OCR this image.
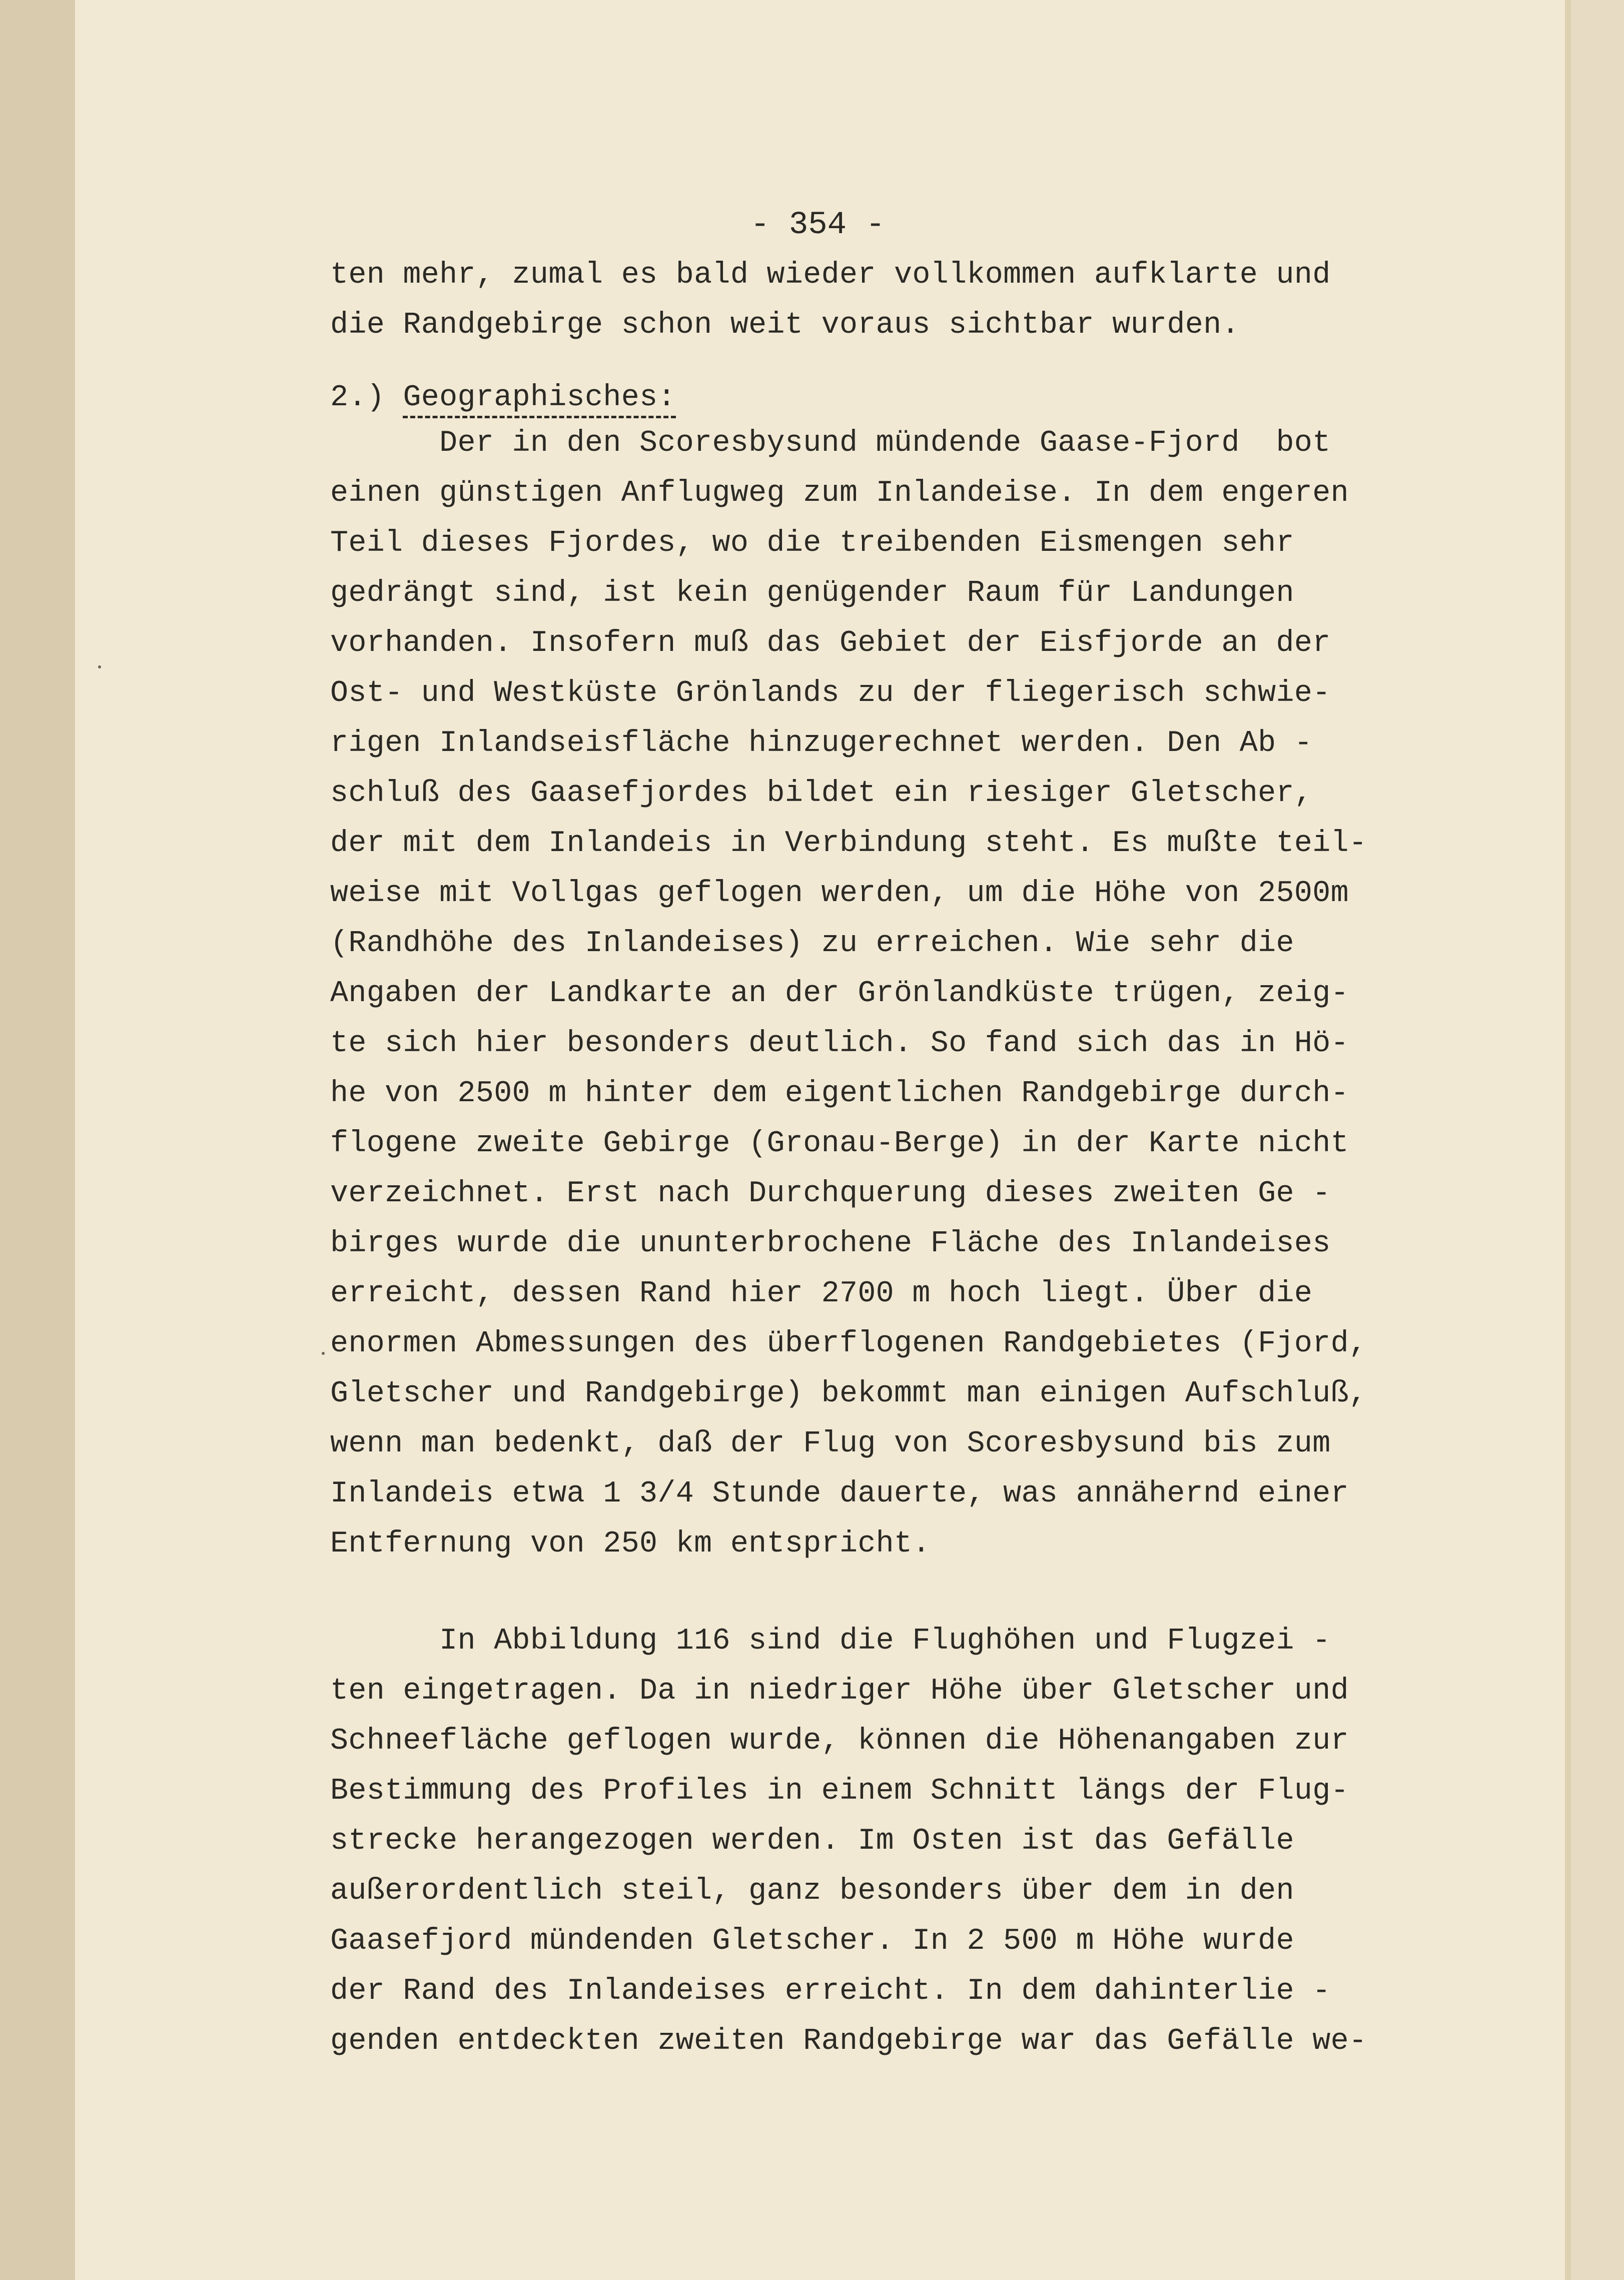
- 354 -

ten mehr, zumal es bald wieder vollkommen aufklarte und

die Randgebirge schon weit voraus sichtbar wurden.

2.) Geographisches:

Der in den Scoresbysund mündende Gaase-Fjord  bot

einen günstigen Anflugweg zum Inlandeise. In dem engeren

Teil dieses Fjordes, wo die treibenden Eismengen sehr

gedrängt sind, ist kein genügender Raum für Landungen

vorhanden. Insofern muß das Gebiet der Eisfjorde an der

Ost- und Westküste Grönlands zu der fliegerisch schwie-

rigen Inlandseisfläche hinzugerechnet werden. Den Ab -

schluß des Gaasefjordes bildet ein riesiger Gletscher,

der mit dem Inlandeis in Verbindung steht. Es mußte teil-

weise mit Vollgas geflogen werden, um die Höhe von 2500m

(Randhöhe des Inlandeises) zu erreichen. Wie sehr die

Angaben der Landkarte an der Grönlandküste trügen, zeig-

te sich hier besonders deutlich. So fand sich das in Hö-

he von 2500 m hinter dem eigentlichen Randgebirge durch-

flogene zweite Gebirge (Gronau-Berge) in der Karte nicht

verzeichnet. Erst nach Durchquerung dieses zweiten Ge -

birges wurde die ununterbrochene Fläche des Inlandeises

erreicht, dessen Rand hier 2700 m hoch liegt. Über die

enormen Abmessungen des überflogenen Randgebietes (Fjord,

Gletscher und Randgebirge) bekommt man einigen Aufschluß,

wenn man bedenkt, daß der Flug von Scoresbysund bis zum

Inlandeis etwa 1 3/4 Stunde dauerte, was annähernd einer

Entfernung von 250 km entspricht.

In Abbildung 116 sind die Flughöhen und Flugzei -

ten eingetragen. Da in niedriger Höhe über Gletscher und

Schneefläche geflogen wurde, können die Höhenangaben zur

Bestimmung des Profiles in einem Schnitt längs der Flug-

strecke herangezogen werden. Im Osten ist das Gefälle

außerordentlich steil, ganz besonders über dem in den

Gaasefjord mündenden Gletscher. In 2 500 m Höhe wurde

der Rand des Inlandeises erreicht. In dem dahinterlie -

genden entdeckten zweiten Randgebirge war das Gefälle we-
